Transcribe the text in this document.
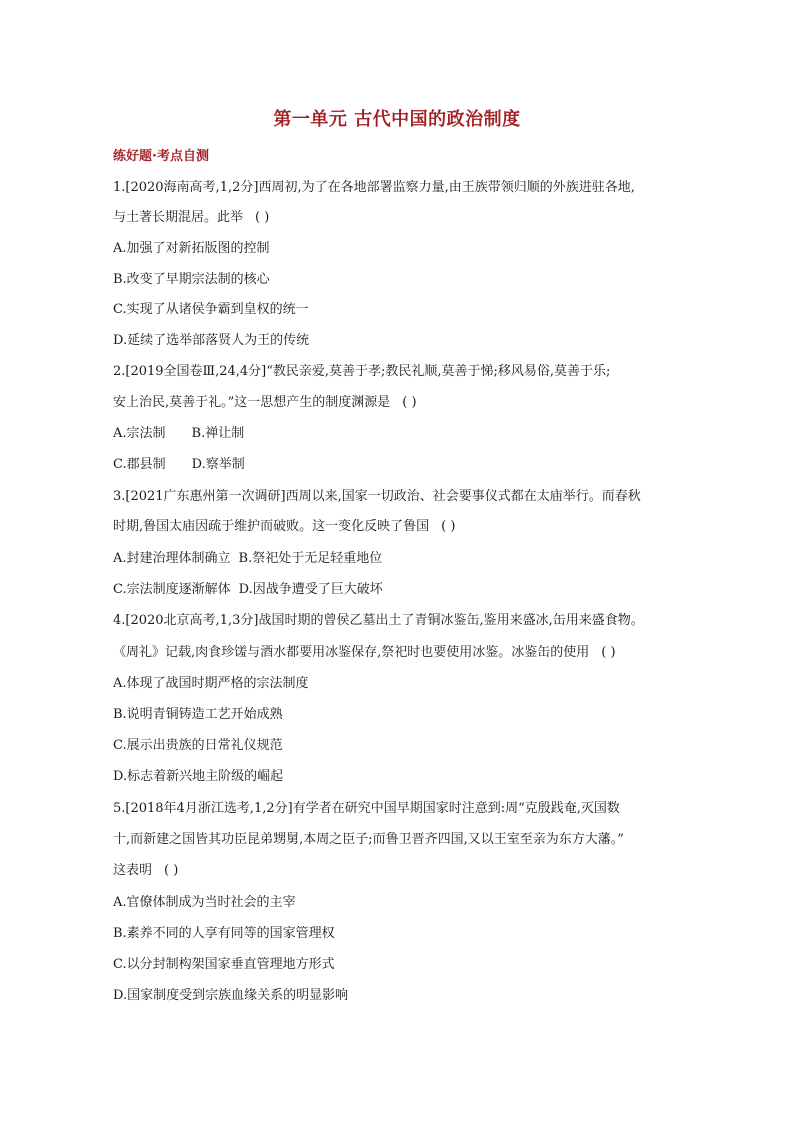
第一单元 古代中国的政治制度
练好题·考点自测
1.[2020海南高考,1,2分]西周初,为了在各地部署监察力量,由王族带领归顺的外族进驻各地,
与土著长期混居。此举 ( )
A.加强了对新拓版图的控制
B.改变了早期宗法制的核心
C.实现了从诸侯争霸到皇权的统一
D.延续了选举部落贤人为王的传统
2.[2019全国卷Ⅲ,24,4分]“教民亲爱,莫善于孝;教民礼顺,莫善于悌;移风易俗,莫善于乐;
安上治民,莫善于礼。”这一思想产生的制度渊源是 ( )
A.宗法制 B.禅让制
C.郡县制 D.察举制
3.[2021广东惠州第一次调研]西周以来,国家一切政治、社会要事仪式都在太庙举行。而春秋
时期,鲁国太庙因疏于维护而破败。这一变化反映了鲁国 ( )
A.封建治理体制确立 B.祭祀处于无足轻重地位
C.宗法制度逐渐解体 D.因战争遭受了巨大破坏
4.[2020北京高考,1,3分]战国时期的曾侯乙墓出土了青铜冰鉴缶,鉴用来盛冰,缶用来盛食物。
《周礼》记载,肉食珍馐与酒水都要用冰鉴保存,祭祀时也要使用冰鉴。冰鉴缶的使用 ( )
A.体现了战国时期严格的宗法制度
B.说明青铜铸造工艺开始成熟
C.展示出贵族的日常礼仪规范
D.标志着新兴地主阶级的崛起
5.[2018年4月浙江选考,1,2分]有学者在研究中国早期国家时注意到:周“克殷践奄,灭国数
十,而新建之国皆其功臣昆弟甥舅,本周之臣子;而鲁卫晋齐四国,又以王室至亲为东方大藩。”
这表明 ( )
A.官僚体制成为当时社会的主宰
B.素养不同的人享有同等的国家管理权
C.以分封制构架国家垂直管理地方形式
D.国家制度受到宗族血缘关系的明显影响
